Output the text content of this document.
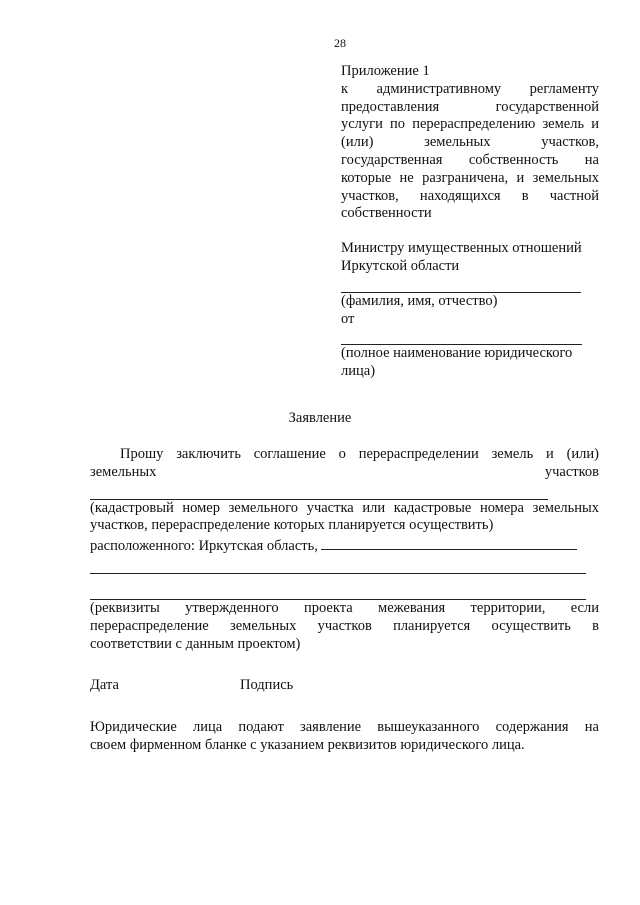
28
Приложение 1
к административному регламенту
предоставления государственной
услуги по перераспределению земель и
(или) земельных участков,
государственная собственность на
которые не разграничена, и земельных
участков, находящихся в частной
собственности
Министру имущественных отношений
Иркутской области
(фамилия, имя, отчество)
от
(полное наименование юридического
лица)
Заявление
Прошу заключить соглашение о перераспределении земель и (или)
земельных	участков
(кадастровый номер земельного участка или кадастровые номера земельных
участков, перераспределение которых планируется осуществить)
расположенного: Иркутская область,
(реквизиты утвержденного проекта межевания территории, если
перераспределение земельных участков планируется осуществить в
соответствии с данным проектом)
Дата	Подпись
Юридические лица подают заявление вышеуказанного содержания на
своем фирменном бланке с указанием реквизитов юридического лица.
